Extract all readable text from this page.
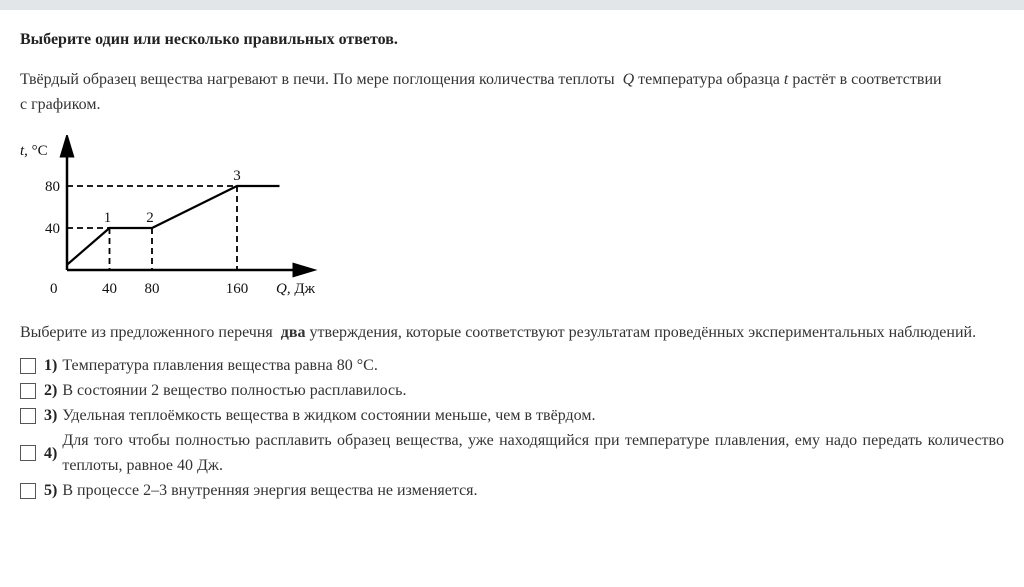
Выберите один или несколько правильных ответов.
Твёрдый образец вещества нагревают в печи. По мере поглощения количества теплоты Q температура образца t растёт в соответствии
с графиком.
0	40 80	160
40
80
1 2
3
t, °C
Q, Дж
Выберите из предложенного перечня два утверждения, которые соответствуют результатам проведённых экспериментальных наблюдений.
1) Температура плавления вещества равна 80 °C.
2) В состоянии 2 вещество полностью расплавилось.
3) Удельная теплоёмкость вещества в жидком состоянии меньше, чем в твёрдом.
4)
Для того чтобы полностью расплавить образец вещества, уже находящийся при температуре плавления, ему надо передать количество теплоты, равное 40 Дж.
5) В процессе 2–3 внутренняя энергия вещества не изменяется.
